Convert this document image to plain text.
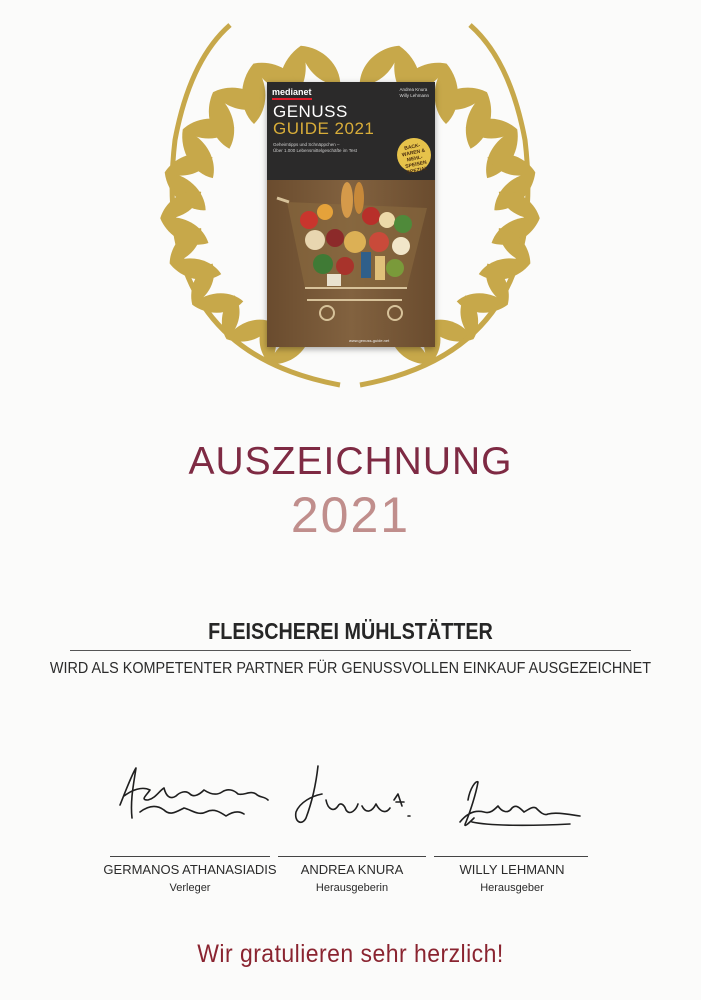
medianet	Andrea Knura
Willy Lehmann
GENUSS
GUIDE 2021
Geheimtipps und Schnäppchen –
Über 1.000 Lebensmittelgeschäfte im Test	BACK-WAREN & MEHL-SPEISEN SPEZIAL
www.genuss-guide.net
AUSZEICHNUNG
2021
FLEISCHEREI MÜHLSTÄTTER
WIRD ALS KOMPETENTER PARTNER FÜR GENUSSVOLLEN EINKAUF AUSGEZEICHNET
GERMANOS ATHANASIADIS
Verleger
ANDREA KNURA
Herausgeberin
WILLY LEHMANN
Herausgeber
Wir gratulieren sehr herzlich!
